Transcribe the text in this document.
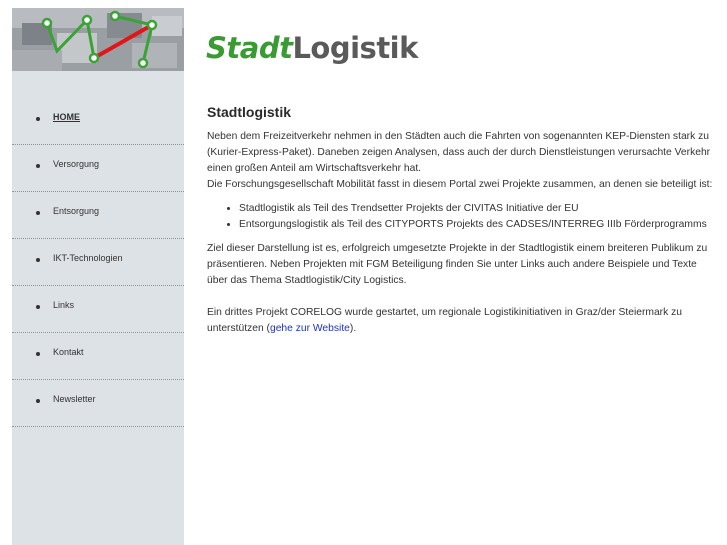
StadtLogistik
HOME
Versorgung
Entsorgung
IKT-Technologien
Links
Kontakt
Newsletter
Stadtlogistik

Neben dem Freizeitverkehr nehmen in den Städten auch die Fahrten von sogenannten KEP-Diensten stark zu (Kurier-Express-Paket). Daneben zeigen Analysen, dass auch der durch Dienstleistungen verursachte Verkehr einen großen Anteil am Wirtschaftsverkehr hat.

Die Forschungsgesellschaft Mobilität fasst in diesem Portal zwei Projekte zusammen, an denen sie beteiligt ist:

• Stadtlogistik als Teil des Trendsetter Projekts der CIVITAS Initiative der EU
• Entsorgungslogistik als Teil des CITYPORTS Projekts des CADSES/INTERREG IIIb Förderprogramms

Ziel dieser Darstellung ist es, erfolgreich umgesetzte Projekte in der Stadtlogistik einem breiteren Publikum zu präsentieren. Neben Projekten mit FGM Beteiligung finden Sie unter Links auch andere Beispiele und Texte über das Thema Stadtlogistik/City Logistics.

Ein drittes Projekt CORELOG wurde gestartet, um regionale Logistikinitiativen in Graz/der Steiermark zu unterstützen (gehe zur Website).
